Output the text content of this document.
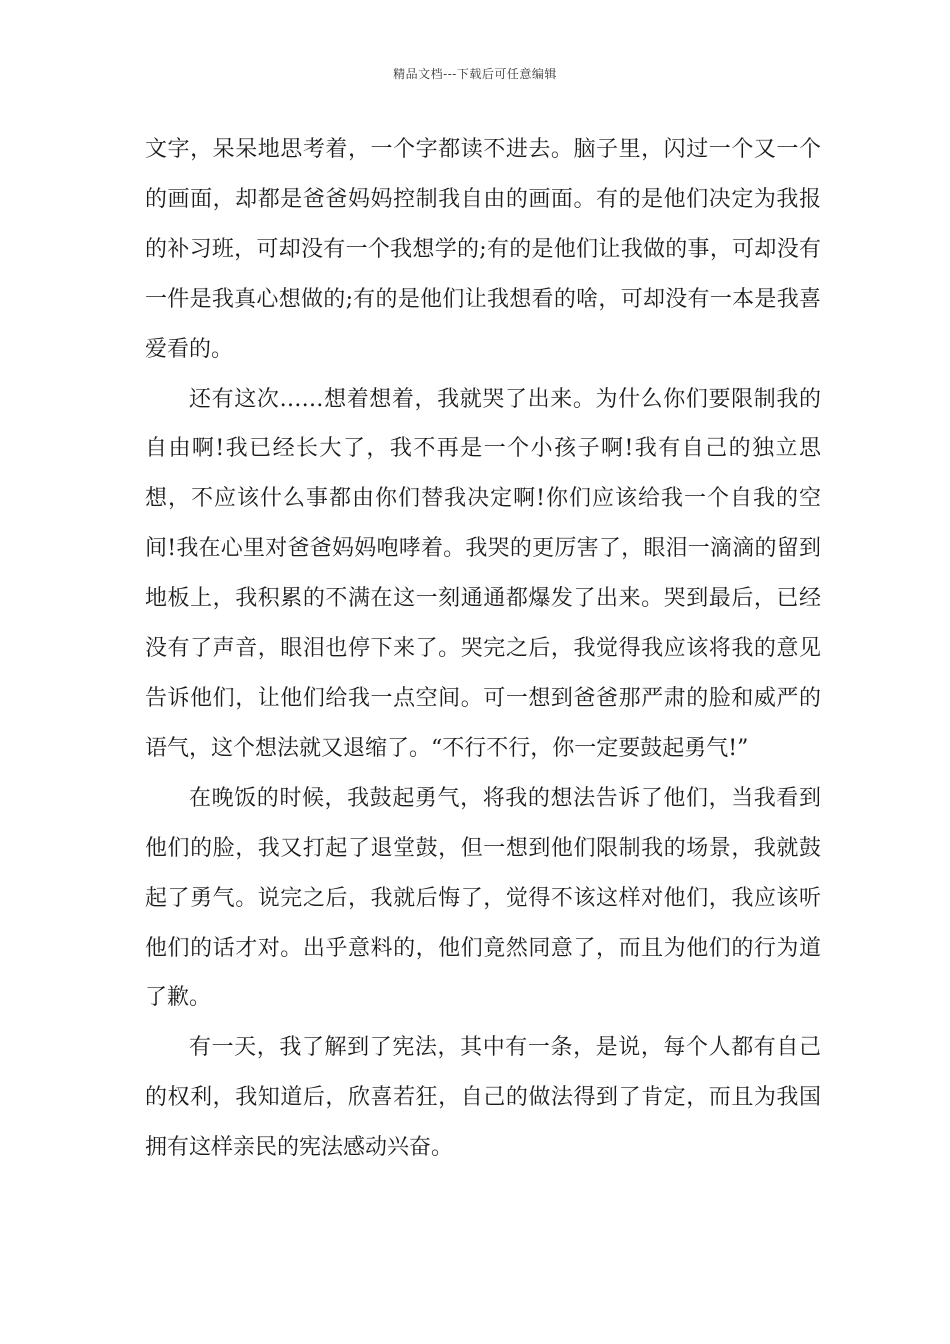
精品文档---下载后可任意编辑

文字，呆呆地思考着，一个字都读不进去。脑子里，闪过一个又一个的画面，却都是爸爸妈妈控制我自由的画面。有的是他们决定为我报的补习班，可却没有一个我想学的;有的是他们让我做的事，可却没有一件是我真心想做的;有的是他们让我想看的啥，可却没有一本是我喜爱看的。

还有这次……想着想着，我就哭了出来。为什么你们要限制我的自由啊!我已经长大了，我不再是一个小孩子啊!我有自己的独立思想，不应该什么事都由你们替我决定啊!你们应该给我一个自我的空间!我在心里对爸爸妈妈咆哮着。我哭的更厉害了，眼泪一滴滴的留到地板上，我积累的不满在这一刻通通都爆发了出来。哭到最后，已经没有了声音，眼泪也停下来了。哭完之后，我觉得我应该将我的意见告诉他们，让他们给我一点空间。可一想到爸爸那严肃的脸和威严的语气，这个想法就又退缩了。“不行不行，你一定要鼓起勇气!”

在晚饭的时候，我鼓起勇气，将我的想法告诉了他们，当我看到他们的脸，我又打起了退堂鼓，但一想到他们限制我的场景，我就鼓起了勇气。说完之后，我就后悔了，觉得不该这样对他们，我应该听他们的话才对。出乎意料的，他们竟然同意了，而且为他们的行为道了歉。

有一天，我了解到了宪法，其中有一条，是说，每个人都有自己的权利，我知道后，欣喜若狂，自己的做法得到了肯定，而且为我国拥有这样亲民的宪法感动兴奋。
